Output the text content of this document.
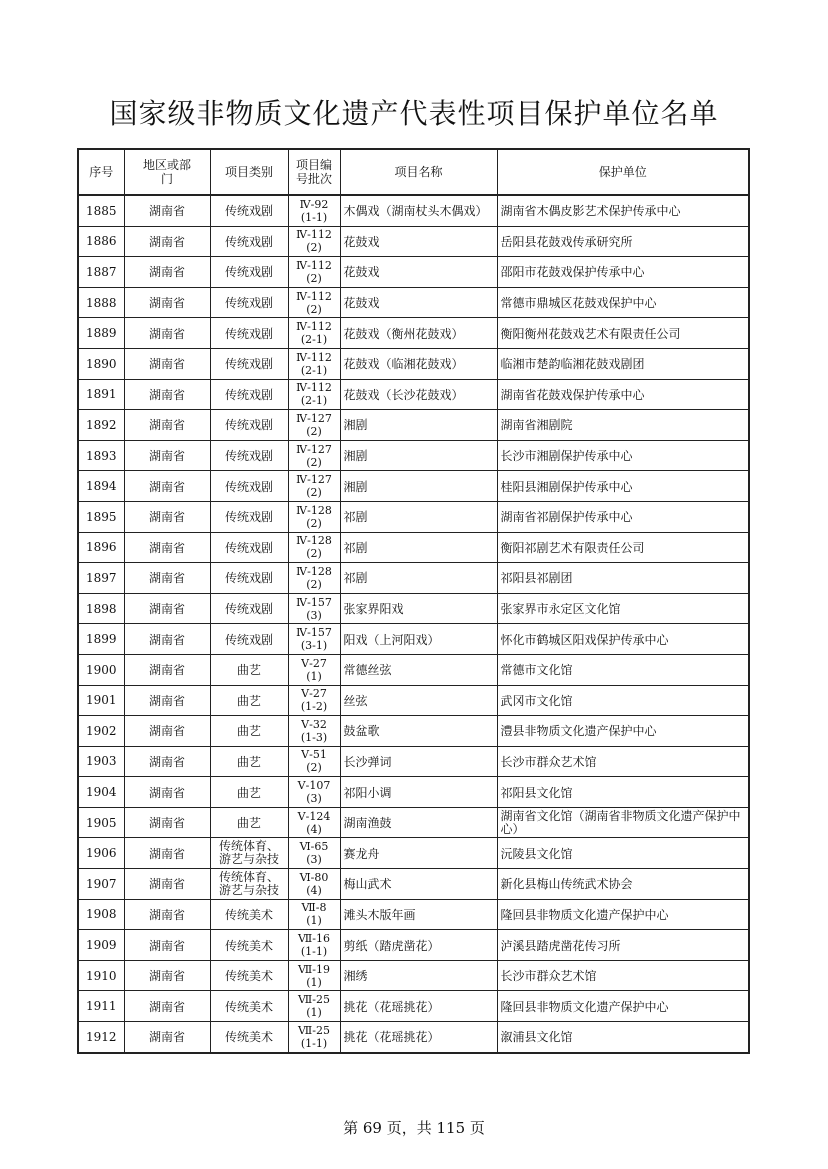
国家级非物质文化遗产代表性项目保护单位名单
序号	地区或部门	项目类别	项目编号批次	项目名称	保护单位
1885	湖南省	传统戏剧	Ⅳ-92
(1-1)	木偶戏（湖南杖头木偶戏）	湖南省木偶皮影艺术保护传承中心
1886	湖南省	传统戏剧	Ⅳ-112
(2)	花鼓戏	岳阳县花鼓戏传承研究所
1887	湖南省	传统戏剧	Ⅳ-112
(2)	花鼓戏	邵阳市花鼓戏保护传承中心
1888	湖南省	传统戏剧	Ⅳ-112
(2)	花鼓戏	常德市鼎城区花鼓戏保护中心
1889	湖南省	传统戏剧	Ⅳ-112
(2-1)	花鼓戏（衡州花鼓戏）	衡阳衡州花鼓戏艺术有限责任公司
1890	湖南省	传统戏剧	Ⅳ-112
(2-1)	花鼓戏（临湘花鼓戏）	临湘市楚韵临湘花鼓戏剧团
1891	湖南省	传统戏剧	Ⅳ-112
(2-1)	花鼓戏（长沙花鼓戏）	湖南省花鼓戏保护传承中心
1892	湖南省	传统戏剧	Ⅳ-127
(2)	湘剧	湖南省湘剧院
1893	湖南省	传统戏剧	Ⅳ-127
(2)	湘剧	长沙市湘剧保护传承中心
1894	湖南省	传统戏剧	Ⅳ-127
(2)	湘剧	桂阳县湘剧保护传承中心
1895	湖南省	传统戏剧	Ⅳ-128
(2)	祁剧	湖南省祁剧保护传承中心
1896	湖南省	传统戏剧	Ⅳ-128
(2)	祁剧	衡阳祁剧艺术有限责任公司
1897	湖南省	传统戏剧	Ⅳ-128
(2)	祁剧	祁阳县祁剧团
1898	湖南省	传统戏剧	Ⅳ-157
(3)	张家界阳戏	张家界市永定区文化馆
1899	湖南省	传统戏剧	Ⅳ-157
(3-1)	阳戏（上河阳戏）	怀化市鹤城区阳戏保护传承中心
1900	湖南省	曲艺	Ⅴ-27
(1)	常德丝弦	常德市文化馆
1901	湖南省	曲艺	Ⅴ-27
(1-2)	丝弦	武冈市文化馆
1902	湖南省	曲艺	Ⅴ-32
(1-3)	鼓盆歌	澧县非物质文化遗产保护中心
1903	湖南省	曲艺	Ⅴ-51
(2)	长沙弹词	长沙市群众艺术馆
1904	湖南省	曲艺	Ⅴ-107
(3)	祁阳小调	祁阳县文化馆
1905	湖南省	曲艺	Ⅴ-124
(4)	湖南渔鼓	湖南省文化馆（湖南省非物质文化遗产保护中心）
1906	湖南省	传统体育、游艺与杂技	Ⅵ-65
(3)	赛龙舟	沅陵县文化馆
1907	湖南省	传统体育、游艺与杂技	Ⅵ-80
(4)	梅山武术	新化县梅山传统武术协会
1908	湖南省	传统美术	Ⅶ-8
(1)	滩头木版年画	隆回县非物质文化遗产保护中心
1909	湖南省	传统美术	Ⅶ-16
(1-1)	剪纸（踏虎凿花）	泸溪县踏虎凿花传习所
1910	湖南省	传统美术	Ⅶ-19
(1)	湘绣	长沙市群众艺术馆
1911	湖南省	传统美术	Ⅶ-25
(1)	挑花（花瑶挑花）	隆回县非物质文化遗产保护中心
1912	湖南省	传统美术	Ⅶ-25
(1-1)	挑花（花瑶挑花）	溆浦县文化馆
第 69 页，共 115 页
